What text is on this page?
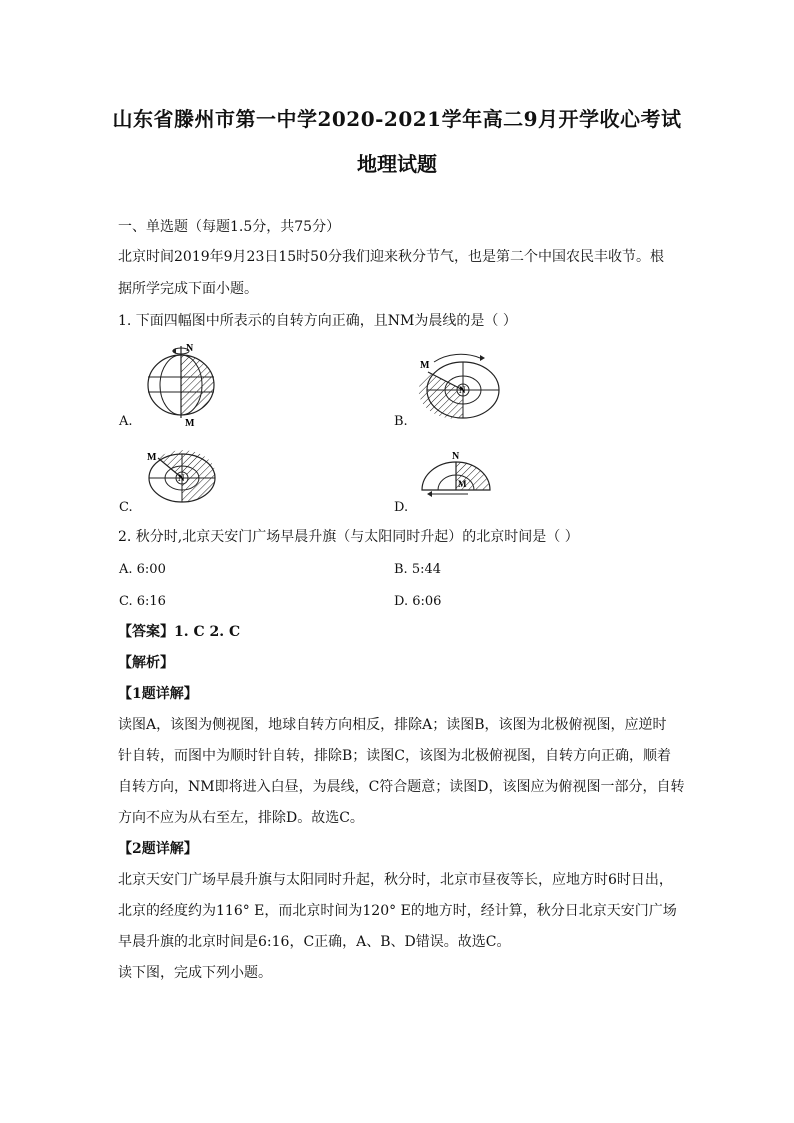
山东省滕州市第一中学2020-2021学年高二9月开学收心考试
地理试题
一、单选题（每题1.5分，共75分）
北京时间2019年9月23日15时50分我们迎来秋分节气，也是第二个中国农民丰收节。根
据所学完成下面小题。
1. 下面四幅图中所表示的自转方向正确，且NM为晨线的是（ ）
N
M
A.
M
N
B.
M
N
C.
N
M
D.
2. 秋分时,北京天安门广场早晨升旗（与太阳同时升起）的北京时间是（ ）
A. 6:00	B. 5:44
C. 6:16	D. 6:06
【答案】1. C 2. C
【解析】
【1题详解】
读图A，该图为侧视图，地球自转方向相反，排除A；读图B，该图为北极俯视图，应逆时
针自转，而图中为顺时针自转，排除B；读图C，该图为北极俯视图，自转方向正确，顺着
自转方向，NM即将进入白昼，为晨线，C符合题意；读图D，该图应为俯视图一部分，自转
方向不应为从右至左，排除D。故选C。
【2题详解】
北京天安门广场早晨升旗与太阳同时升起，秋分时，北京市昼夜等长，应地方时6时日出，
北京的经度约为116° E，而北京时间为120° E的地方时，经计算，秋分日北京天安门广场
早晨升旗的北京时间是6:16，C正确，A、B、D错误。故选C。
读下图，完成下列小题。
